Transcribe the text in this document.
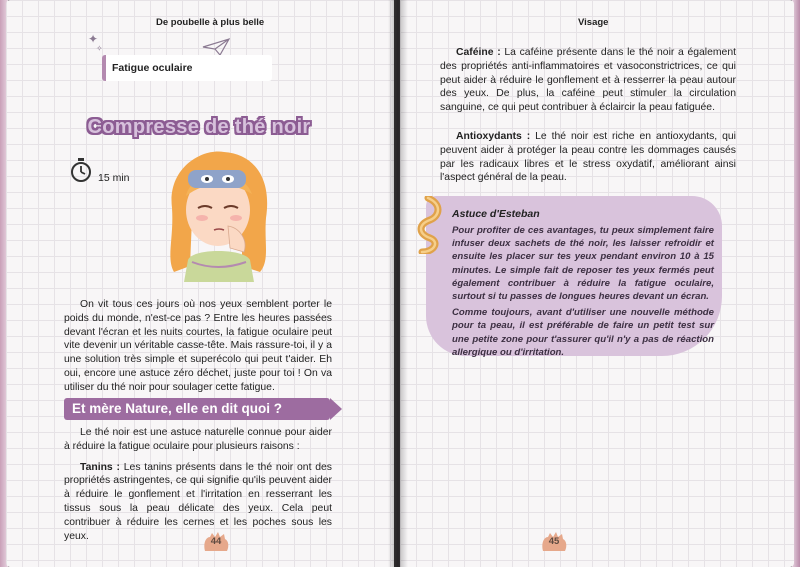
De poubelle à plus belle
✦
✧
Fatigue oculaire
Compresse de thé noir
15 min

On vit tous ces jours où nos yeux semblent porter le poids du monde, n'est-ce pas ? Entre les heures passées devant l'écran et les nuits courtes, la fatigue oculaire peut vite devenir un véritable casse-tête. Mais rassure-toi, il y a une solution très simple et superécolo qui peut t'aider. Eh oui, encore une astuce zéro déchet, juste pour toi ! On va utiliser du thé noir pour soulager cette fatigue.

Et mère Nature, elle en dit quoi ?

Le thé noir est une astuce naturelle connue pour aider à réduire la fatigue oculaire pour plusieurs raisons :

Tanins : Les tanins présents dans le thé noir ont des propriétés astringentes, ce qui signifie qu'ils peuvent aider à réduire le gonflement et l'irritation en resserrant les tissus sous la peau délicate des yeux. Cela peut contribuer à réduire les cernes et les poches sous les yeux.	44
Visage

Caféine : La caféine présente dans le thé noir a également des propriétés anti-inflammatoires et vasoconstrictrices, ce qui peut aider à réduire le gonflement et à resserrer la peau autour des yeux. De plus, la caféine peut stimuler la circulation sanguine, ce qui peut contribuer à éclaircir la peau fatiguée.

Antioxydants : Le thé noir est riche en antioxydants, qui peuvent aider à protéger la peau contre les dommages causés par les radicaux libres et le stress oxydatif, améliorant ainsi l'aspect général de la peau.

Astuce d'Esteban

Pour profiter de ces avantages, tu peux simplement faire infuser deux sachets de thé noir, les laisser refroidir et ensuite les placer sur tes yeux pendant environ 10 à 15 minutes. Le simple fait de reposer tes yeux fermés peut également contribuer à réduire la fatigue oculaire, surtout si tu passes de longues heures devant un écran.

Comme toujours, avant d'utiliser une nouvelle méthode pour ta peau, il est préférable de faire un petit test sur une petite zone pour t'assurer qu'il n'y a pas de réaction allergique ou d'irritation.

45
